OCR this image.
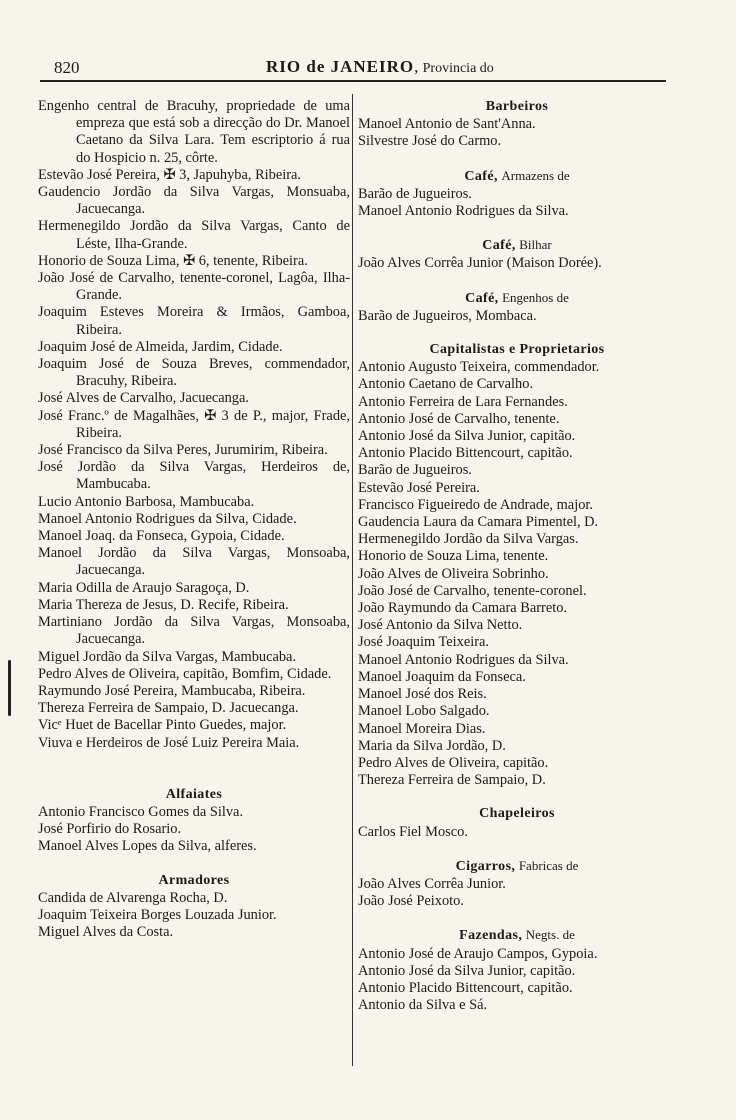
820	RIO de JANEIRO, Provincia do

Engenho central de Bracuhy, propriedade de uma empreza que está sob a direcção do Dr. Manoel Caetano da Silva Lara. Tem escriptorio á rua do Hospicio n. 25, côrte.

Estevão José Pereira, ✠ 3, Japuhyba, Ribeira.

Gaudencio Jordão da Silva Vargas, Monsuaba, Jacuecanga.

Hermenegildo Jordão da Silva Vargas, Canto de Léste, Ilha-Grande.

Honorio de Souza Lima, ✠ 6, tenente, Ribeira.

João José de Carvalho, tenente-coronel, Lagôa, Ilha-Grande.

Joaquim Esteves Moreira & Irmãos, Gamboa, Ribeira.

Joaquim José de Almeida, Jardim, Cidade.

Joaquim José de Souza Breves, commendador, Bracuhy, Ribeira.

José Alves de Carvalho, Jacuecanga.

José Franc.º de Magalhães, ✠ 3 de P., major, Frade, Ribeira.

José Francisco da Silva Peres, Jurumirim, Ribeira.

José Jordão da Silva Vargas, Herdeiros de, Mambucaba.

Lucio Antonio Barbosa, Mambucaba.

Manoel Antonio Rodrigues da Silva, Cidade.

Manoel Joaq. da Fonseca, Gypoia, Cidade.

Manoel Jordão da Silva Vargas, Monsoaba, Jacuecanga.

Maria Odilla de Araujo Saragoça, D.

Maria Thereza de Jesus, D. Recife, Ribeira.

Martiniano Jordão da Silva Vargas, Monsoaba, Jacuecanga.

Miguel Jordão da Silva Vargas, Mambucaba.

Pedro Alves de Oliveira, capitão, Bomfim, Cidade.

Raymundo José Pereira, Mambucaba, Ribeira.

Thereza Ferreira de Sampaio, D. Jacuecanga.

Vicᵉ Huet de Bacellar Pinto Guedes, major.

Viuva e Herdeiros de José Luiz Pereira Maia.

Alfaiates

Antonio Francisco Gomes da Silva.

José Porfirio do Rosario.

Manoel Alves Lopes da Silva, alferes.

Armadores

Candida de Alvarenga Rocha, D.

Joaquim Teixeira Borges Louzada Junior.

Miguel Alves da Costa.

Barbeiros

Manoel Antonio de Sant'Anna.

Silvestre José do Carmo.

Café, Armazens de

Barão de Jugueiros.

Manoel Antonio Rodrigues da Silva.

Café, Bilhar

João Alves Corrêa Junior (Maison Dorée).

Café, Engenhos de

Barão de Jugueiros, Mombaca.

Capitalistas e Proprietarios

Antonio Augusto Teixeira, commendador.

Antonio Caetano de Carvalho.

Antonio Ferreira de Lara Fernandes.

Antonio José de Carvalho, tenente.

Antonio José da Silva Junior, capitão.

Antonio Placido Bittencourt, capitão.

Barão de Jugueiros.

Estevão José Pereira.

Francisco Figueiredo de Andrade, major.

Gaudencia Laura da Camara Pimentel, D.

Hermenegildo Jordão da Silva Vargas.

Honorio de Souza Lima, tenente.

João Alves de Oliveira Sobrinho.

João José de Carvalho, tenente-coronel.

João Raymundo da Camara Barreto.

José Antonio da Silva Netto.

José Joaquim Teixeira.

Manoel Antonio Rodrigues da Silva.

Manoel Joaquim da Fonseca.

Manoel José dos Reis.

Manoel Lobo Salgado.

Manoel Moreira Dias.

Maria da Silva Jordão, D.

Pedro Alves de Oliveira, capitão.

Thereza Ferreira de Sampaio, D.

Chapeleiros

Carlos Fiel Mosco.

Cigarros, Fabricas de

João Alves Corrêa Junior.

João José Peixoto.

Fazendas, Negts. de

Antonio José de Araujo Campos, Gypoia.

Antonio José da Silva Junior, capitão.

Antonio Placido Bittencourt, capitão.

Antonio da Silva e Sá.
